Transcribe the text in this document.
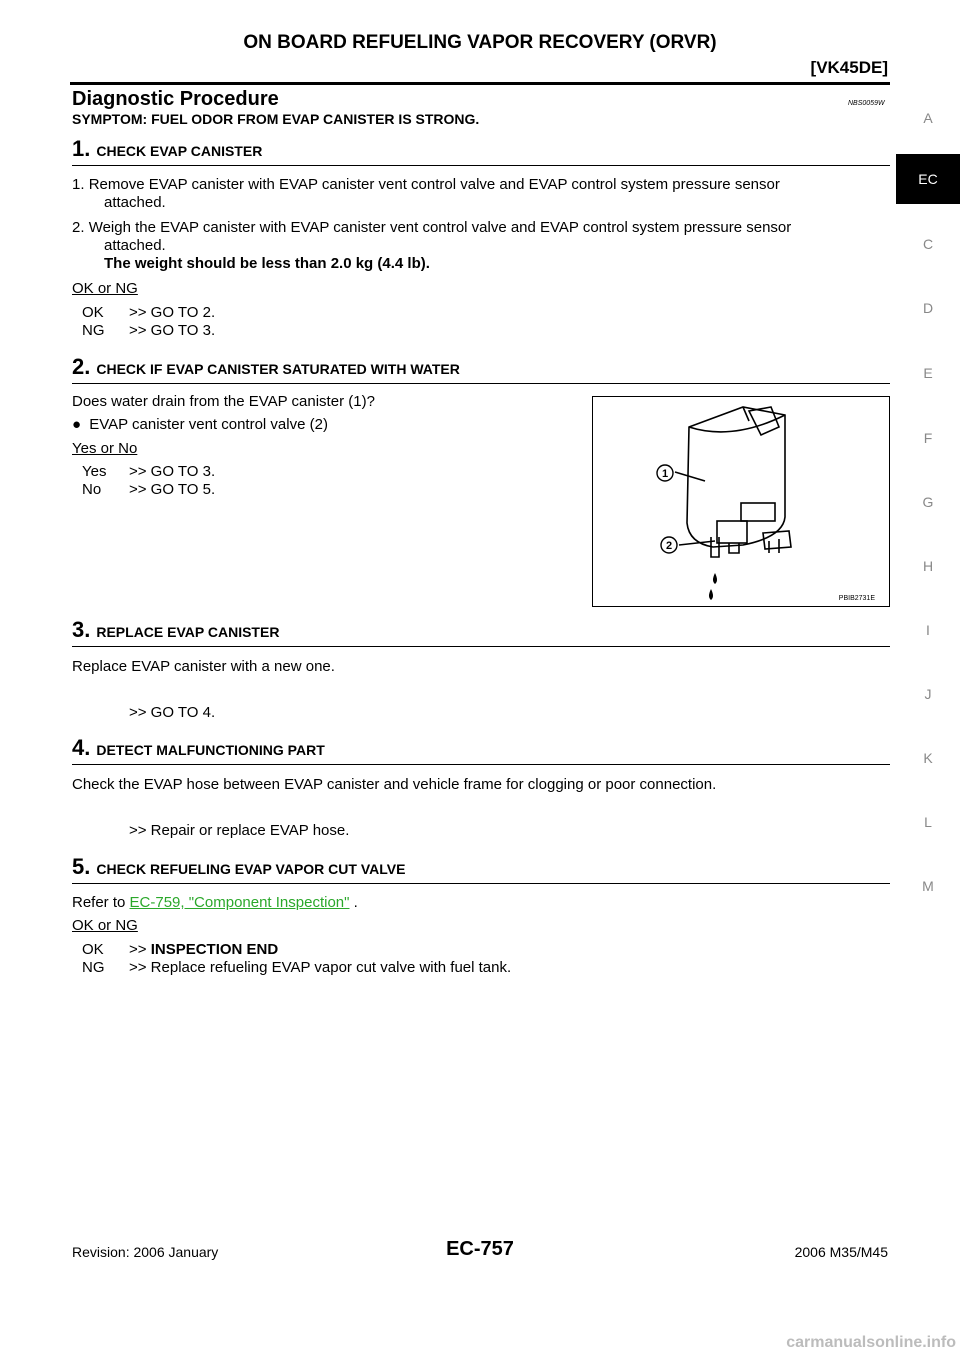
ON BOARD REFUELING VAPOR RECOVERY (ORVR)
[VK45DE]
Diagnostic Procedure	NBS0059W
SYMPTOM: FUEL ODOR FROM EVAP CANISTER IS STRONG.	A
EC
C
D
E
F
G
H
I
J
K
L
M
1. CHECK EVAP CANISTER
1. Remove EVAP canister with EVAP canister vent control valve and EVAP control system pressure sensor
attached.
2. Weigh the EVAP canister with EVAP canister vent control valve and EVAP control system pressure sensor
attached.
The weight should be less than 2.0 kg (4.4 lb).
OK or NG
OK >> GO TO 2.
NG >> GO TO 3.
2. CHECK IF EVAP CANISTER SATURATED WITH WATER
Does water drain from the EVAP canister (1)?
● EVAP canister vent control valve (2)
Yes or No
Yes >> GO TO 3.
No >> GO TO 5.
1
2
PBIB2731E
3. REPLACE EVAP CANISTER
Replace EVAP canister with a new one.
>> GO TO 4.
4. DETECT MALFUNCTIONING PART
Check the EVAP hose between EVAP canister and vehicle frame for clogging or poor connection.
>> Repair or replace EVAP hose.
5. CHECK REFUELING EVAP VAPOR CUT VALVE
Refer to EC-759, "Component Inspection" .
OK or NG
OK >> INSPECTION END
NG >> Replace refueling EVAP vapor cut valve with fuel tank.
Revision: 2006 January	EC-757	2006 M35/M45
carmanualsonline.info
